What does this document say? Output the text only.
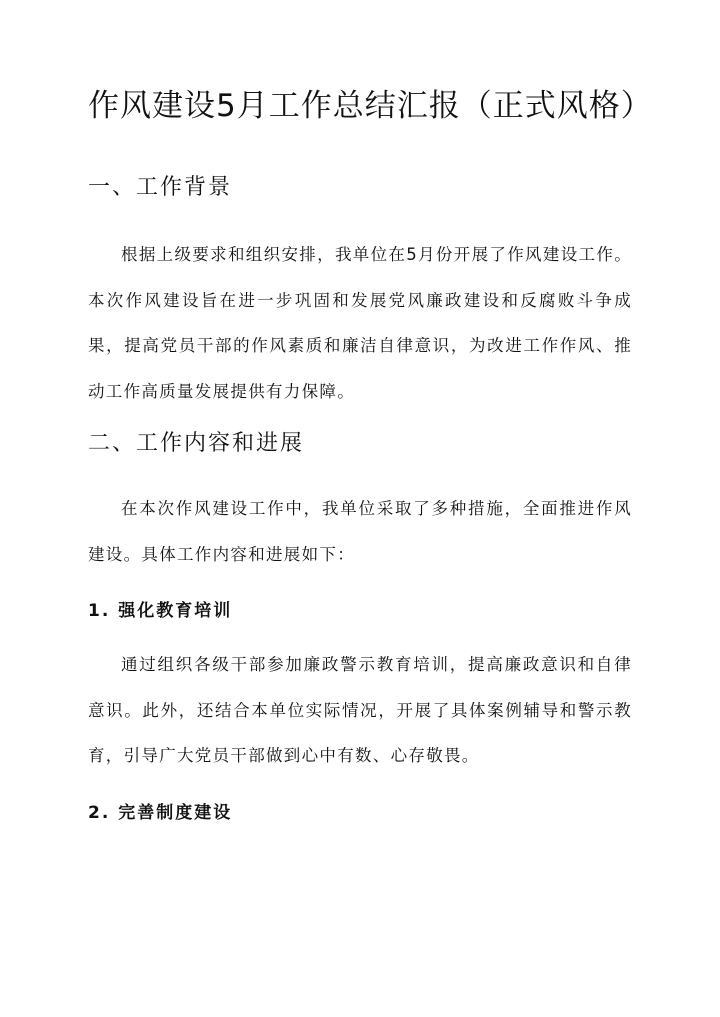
作风建设5月工作总结汇报（正式风格）
一、工作背景

根据上级要求和组织安排，我单位在5月份开展了作风建设工作。本次作风建设旨在进一步巩固和发展党风廉政建设和反腐败斗争成果，提高党员干部的作风素质和廉洁自律意识，为改进工作作风、推动工作高质量发展提供有力保障。

二、工作内容和进展

在本次作风建设工作中，我单位采取了多种措施，全面推进作风建设。具体工作内容和进展如下：

1. 强化教育培训

通过组织各级干部参加廉政警示教育培训，提高廉政意识和自律意识。此外，还结合本单位实际情况，开展了具体案例辅导和警示教育，引导广大党员干部做到心中有数、心存敬畏。

2. 完善制度建设
